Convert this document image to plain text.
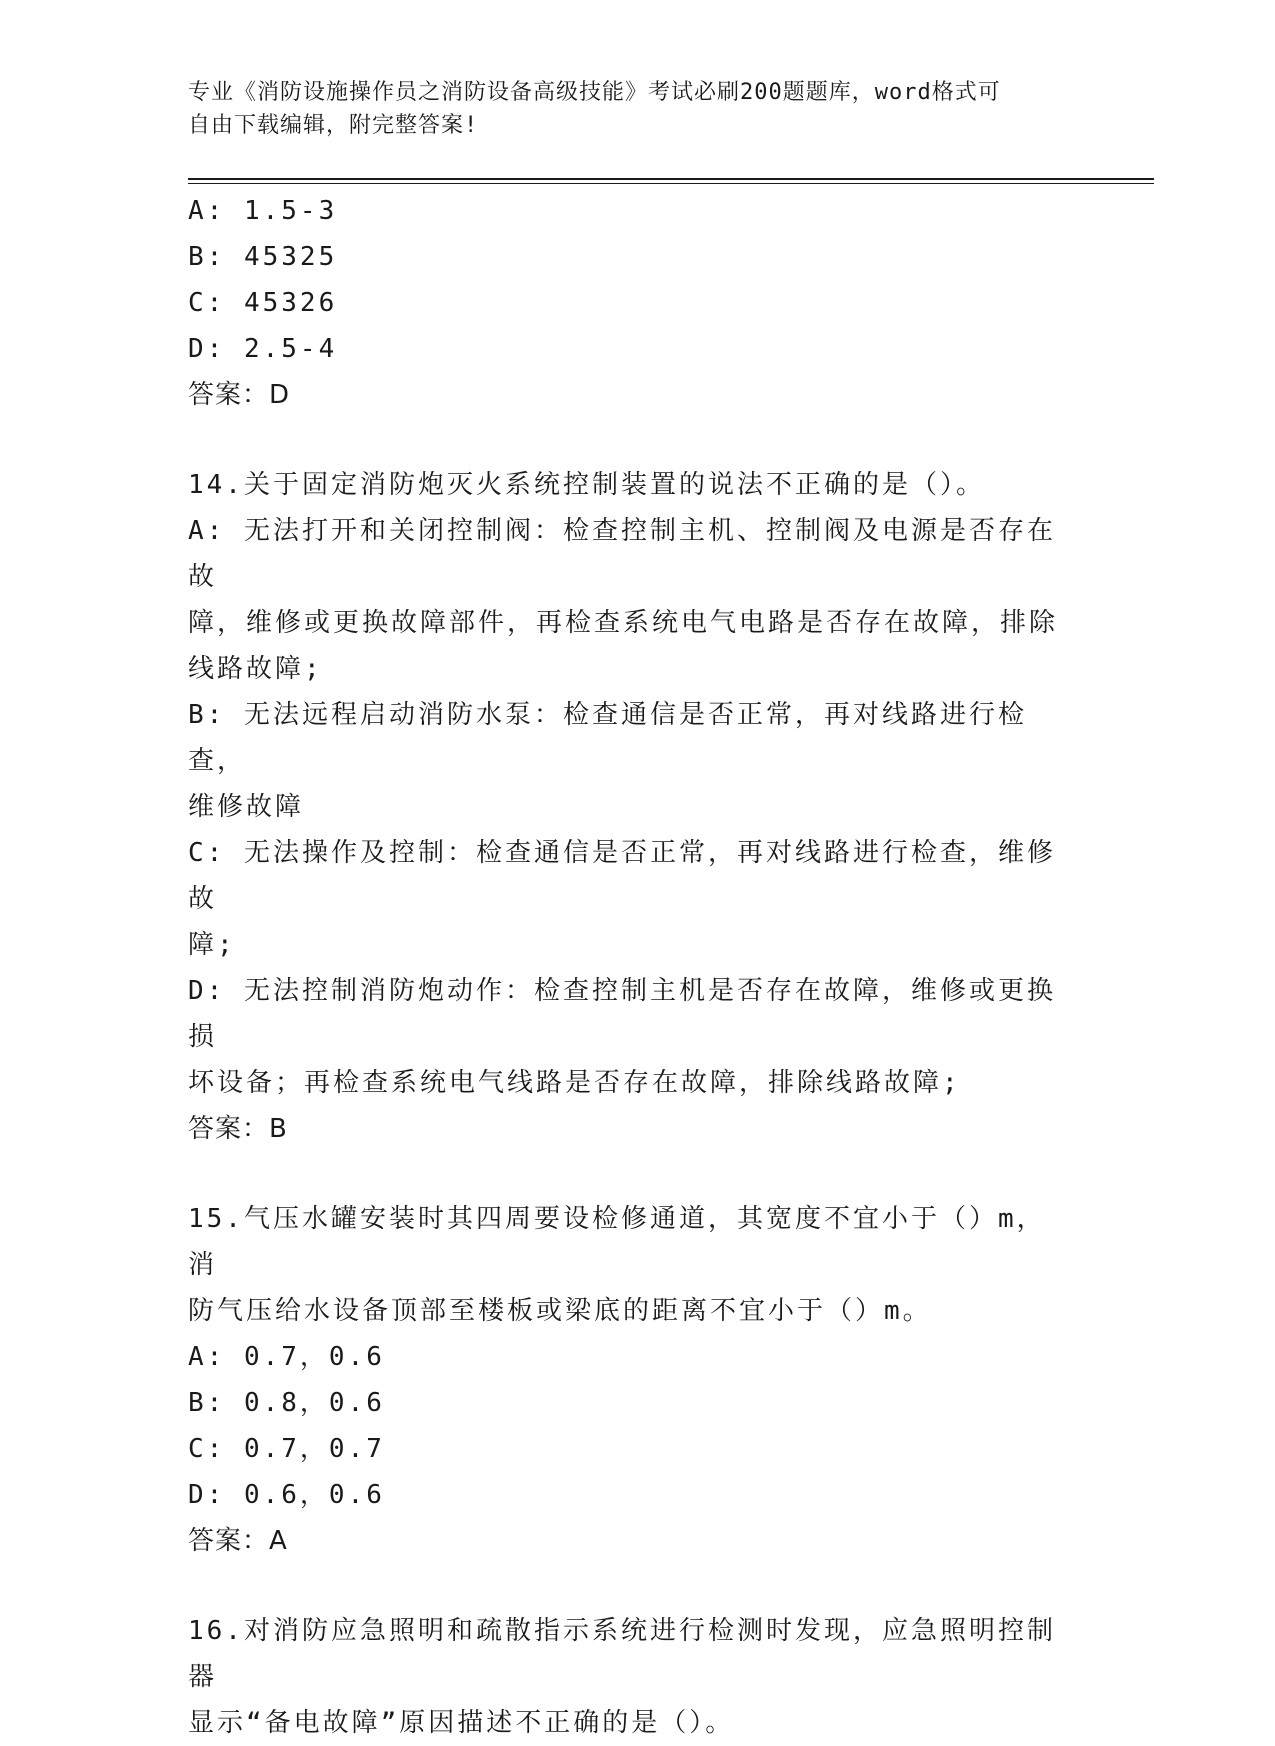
专业《消防设施操作员之消防设备高级技能》考试必刷200题题库，word格式可
自由下载编辑，附完整答案!
A: 1.5-3
B: 45325
C: 45326
D: 2.5-4
答案：D
14.关于固定消防炮灭火系统控制装置的说法不正确的是（）。
A: 无法打开和关闭控制阀：检查控制主机、控制阀及电源是否存在故
障，维修或更换故障部件，再检查系统电气电路是否存在故障，排除
线路故障;
B: 无法远程启动消防水泵：检查通信是否正常，再对线路进行检查，
维修故障
C: 无法操作及控制：检查通信是否正常，再对线路进行检查，维修故
障;
D: 无法控制消防炮动作：检查控制主机是否存在故障，维修或更换损
坏设备；再检查系统电气线路是否存在故障，排除线路故障;
答案：B
15.气压水罐安装时其四周要设检修通道，其宽度不宜小于（）m，消
防气压给水设备顶部至楼板或梁底的距离不宜小于（）m。
A: 0.7，0.6
B: 0.8，0.6
C: 0.7，0.7
D: 0.6，0.6
答案：A
16.对消防应急照明和疏散指示系统进行检测时发现，应急照明控制器
显示“备电故障”原因描述不正确的是（）。
